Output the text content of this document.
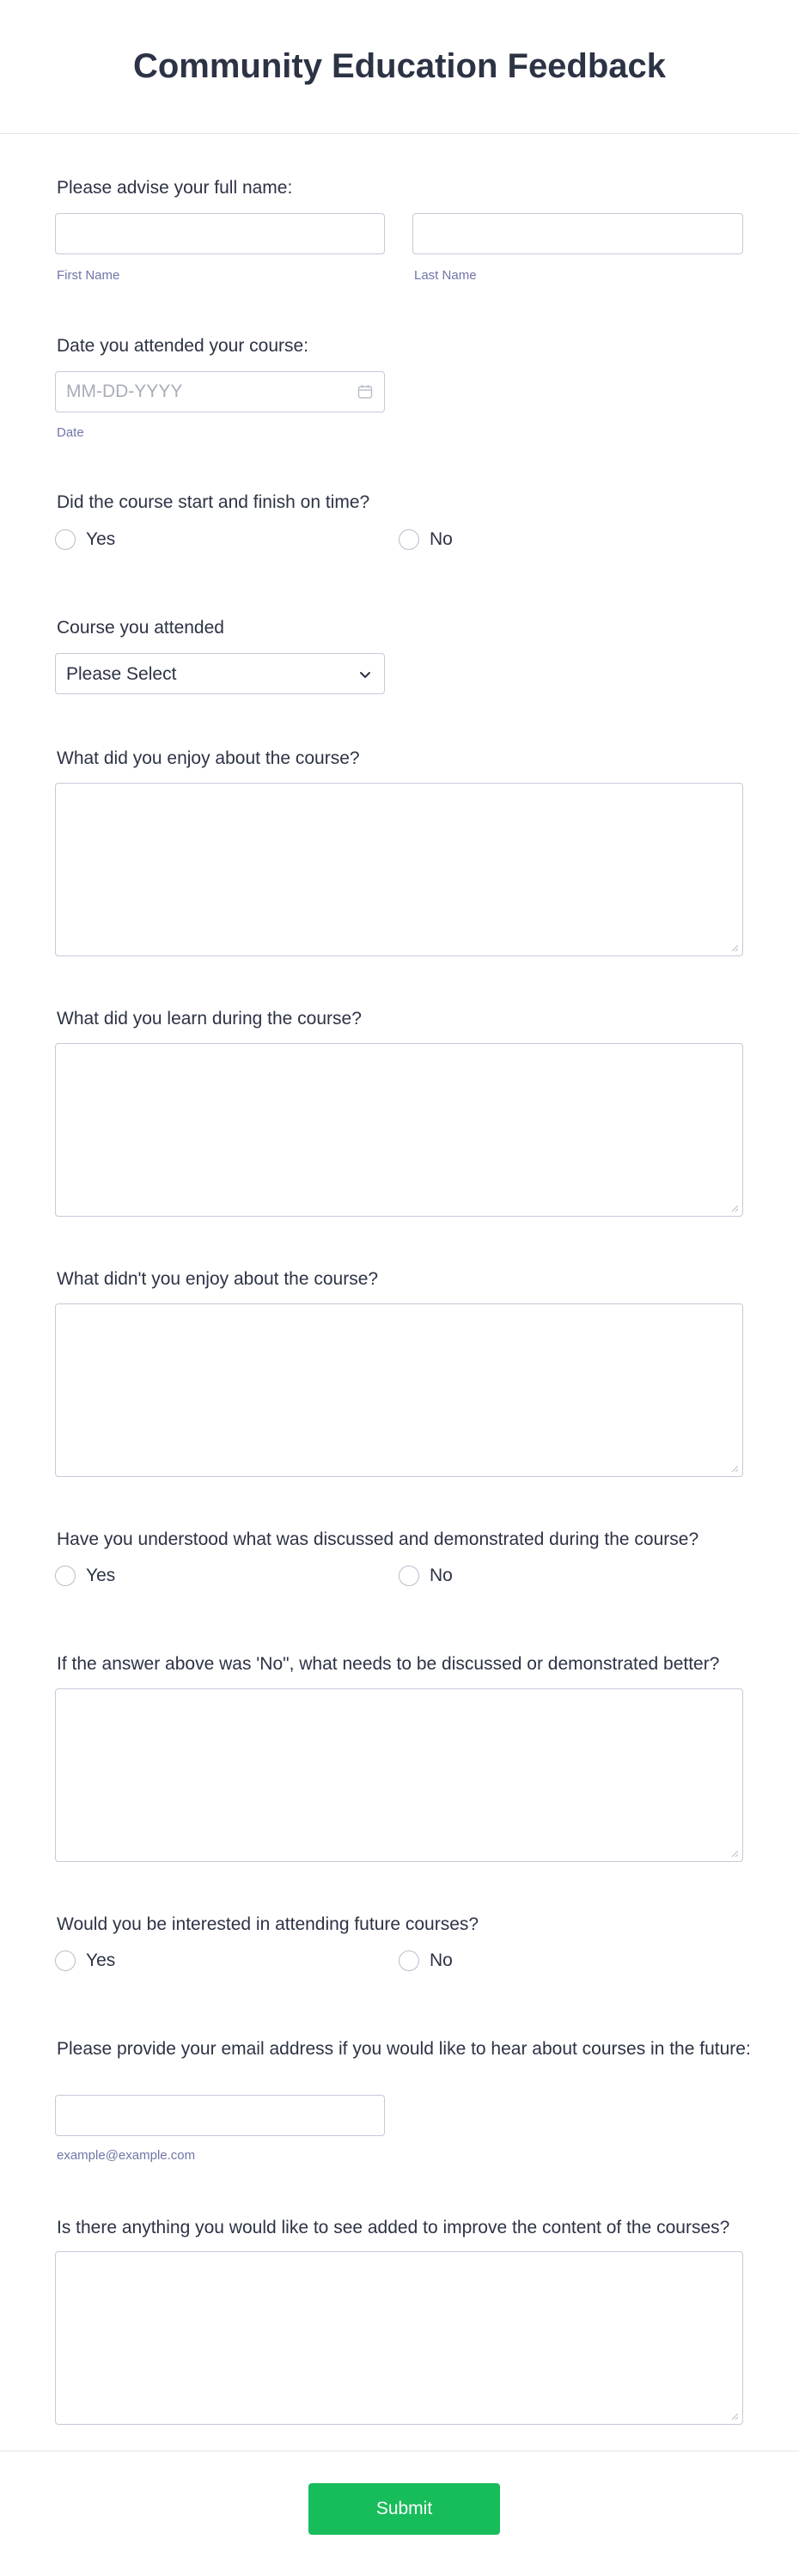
Community Education Feedback
Please advise your full name:
First Name	Last Name
Date you attended your course:
MM-DD-YYYY
Date
Did the course start and finish on time?
Yes	No
Course you attended
Please Select
What did you enjoy about the course?
What did you learn during the course?
What didn't you enjoy about the course?
Have you understood what was discussed and demonstrated during the course?
Yes	No
If the answer above was 'No", what needs to be discussed or demonstrated better?
Would you be interested in attending future courses?
Yes	No
Please provide your email address if you would like to hear about courses in the future:
example@example.com
Is there anything you would like to see added to improve the content of the courses?
Submit
